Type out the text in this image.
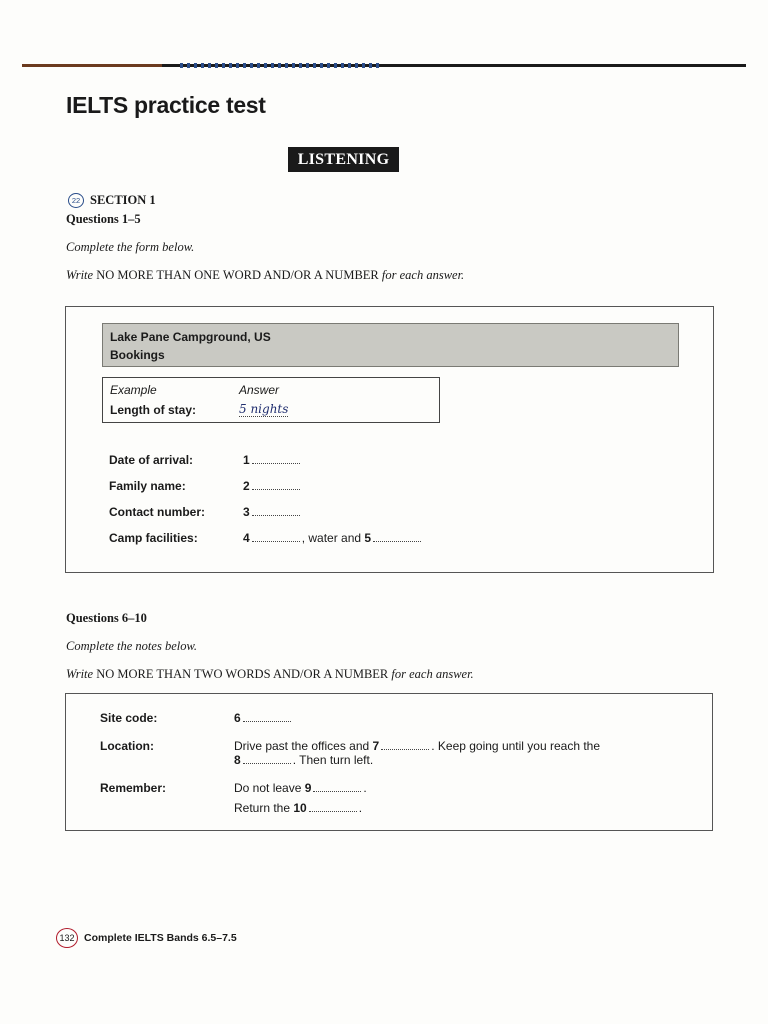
IELTS practice test
LISTENING
22 SECTION 1
Questions 1–5
Complete the form below.
Write NO MORE THAN ONE WORD AND/OR A NUMBER for each answer.
Lake Pane Campground, US
Bookings
Example	Answer
Length of stay:	5 nights
Date of arrival:	1
Family name:	2
Contact number:	3
Camp facilities:	4	, water and 5
Questions 6–10
Complete the notes below.
Write NO MORE THAN TWO WORDS AND/OR A NUMBER for each answer.
Site code:	6
Location:	Drive past the offices and 7	. Keep going until you reach the
8	. Then turn left.
Remember:	Do not leave 9	.
Return the 10	.
132 Complete IELTS Bands 6.5–7.5
